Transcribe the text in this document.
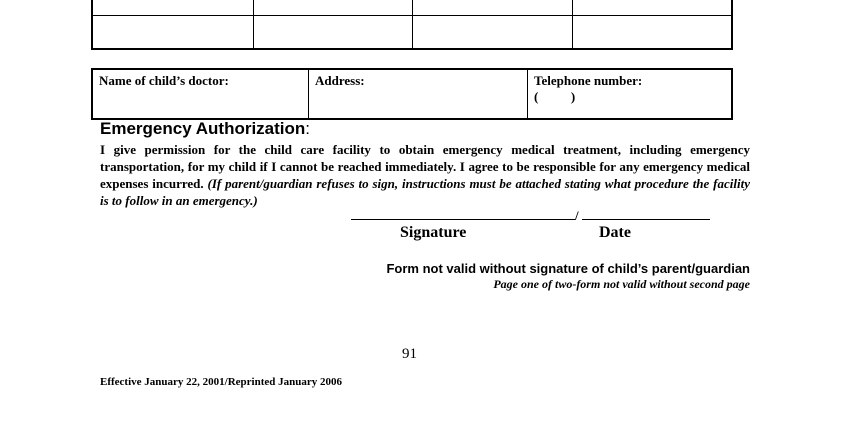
Name of child’s doctor:	Address:	Telephone number:
(          )
Emergency Authorization:
I give permission for the child care facility to obtain emergency medical treatment, including emergency transportation, for my child if I cannot be reached immediately. I agree to be responsible for any emergency medical expenses incurred. (If parent/guardian refuses to sign, instructions must be attached stating what procedure the facility is to follow in an emergency.)
/
Signature	Date
Form not valid without signature of child’s parent/guardian
Page one of two-form not valid without second page
91
Effective January 22, 2001/Reprinted January 2006
